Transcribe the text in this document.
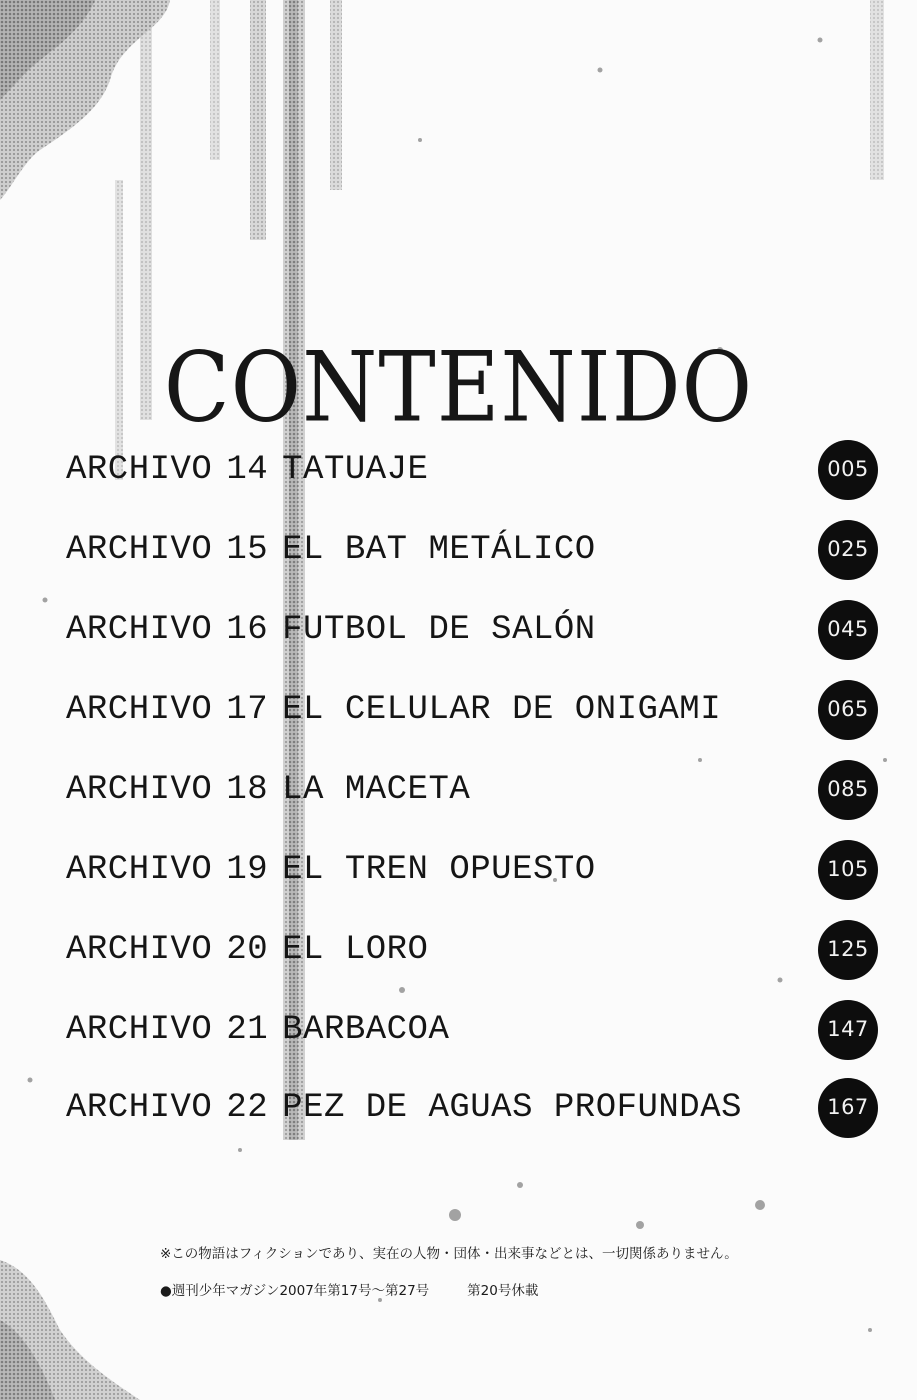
CONTENIDO
ARCHIVO 14 TATUAJE	005
ARCHIVO 15 EL BAT METÁLICO	025
ARCHIVO 16 FUTBOL DE SALÓN	045
ARCHIVO 17 EL CELULAR DE ONIGAMI	065
ARCHIVO 18 LA MACETA	085
ARCHIVO 19 EL TREN OPUESTO	105
ARCHIVO 20 EL LORO	125
ARCHIVO 21 BARBACOA	147
ARCHIVO 22 PEZ DE AGUAS PROFUNDAS	167
※この物語はフィクションであり、実在の人物・団体・出来事などとは、一切関係ありません。
●週刊少年マガジン2007年第17号〜第27号	第20号休載
